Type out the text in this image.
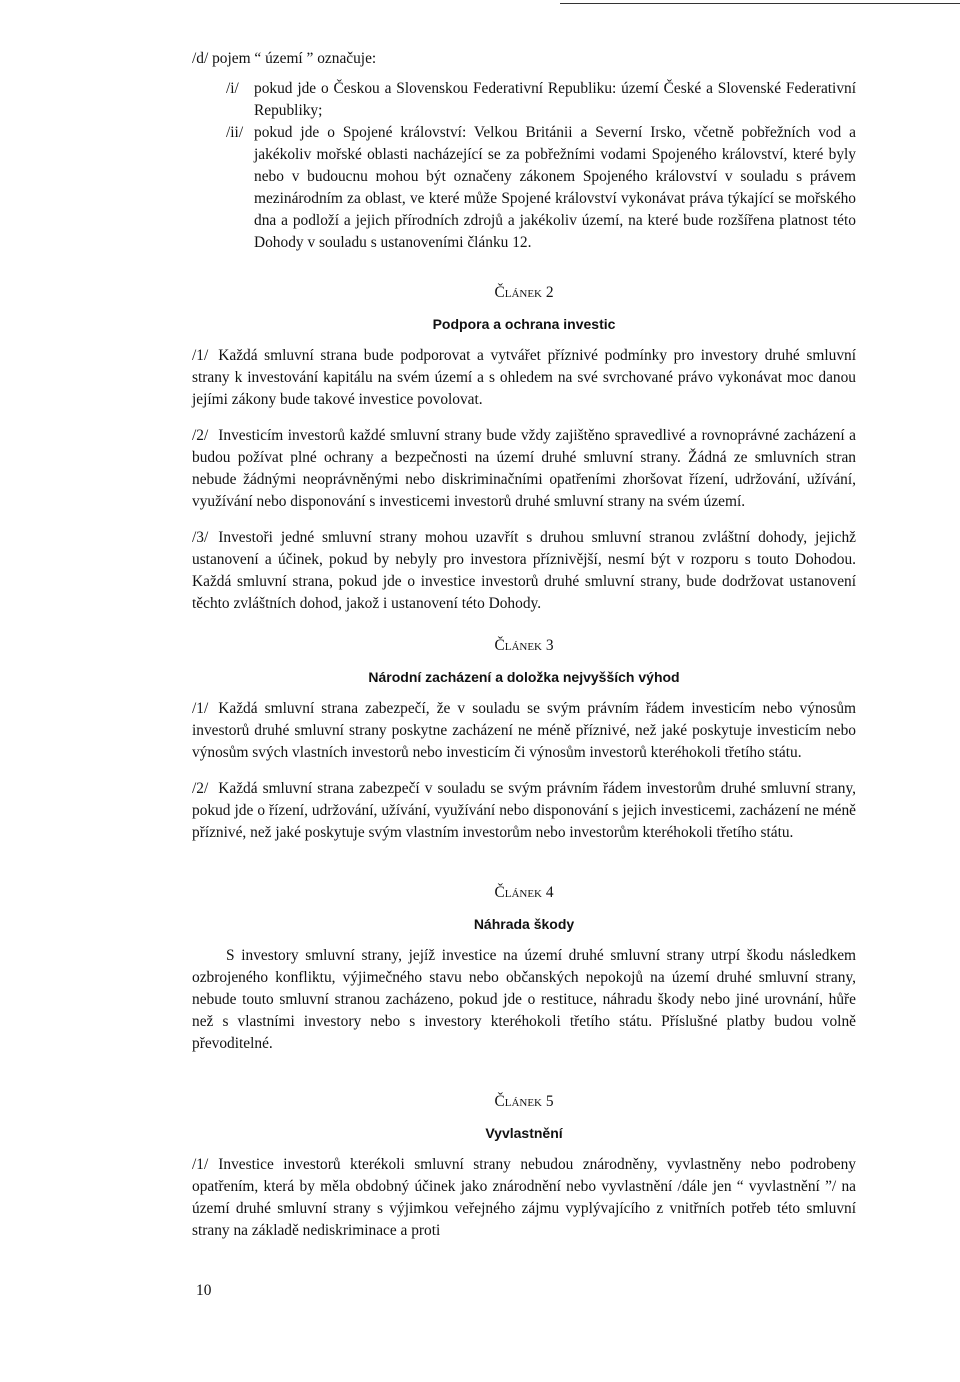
/d/ pojem “ území ” označuje:

/i/ pokud jde o Českou a Slovenskou Federativní Republiku: území České a Slovenské Federativní Republiky;

/ii/ pokud jde o Spojené království: Velkou Británii a Severní Irsko, včetně pobřežních vod a jakékoliv mořské oblasti nacházející se za pobřežními vodami Spojeného království, které byly nebo v budoucnu mohou být označeny zákonem Spojeného království v souladu s právem mezinárodním za oblast, ve které může Spojené království vykonávat práva týkající se mořského dna a podloží a jejich přírodních zdrojů a jakékoliv území, na které bude rozšířena platnost této Dohody v souladu s ustanoveními článku 12.

Článek 2

Podpora a ochrana investic

/1/ Každá smluvní strana bude podporovat a vytvářet příznivé podmínky pro investory druhé smluvní strany k investování kapitálu na svém území a s ohledem na své svrchované právo vykonávat moc danou jejími zákony bude takové investice povolovat.

/2/ Investicím investorů každé smluvní strany bude vždy zajištěno spravedlivé a rovnoprávné zacházení a budou požívat plné ochrany a bezpečnosti na území druhé smluvní strany. Žádná ze smluvních stran nebude žádnými neoprávněnými nebo diskriminačními opatřeními zhoršovat řízení, udržování, užívání, využívání nebo disponování s investicemi investorů druhé smluvní strany na svém území.

/3/ Investoři jedné smluvní strany mohou uzavřít s druhou smluvní stranou zvláštní dohody, jejichž ustanovení a účinek, pokud by nebyly pro investora příznivější, nesmí být v rozporu s touto Dohodou. Každá smluvní strana, pokud jde o investice investorů druhé smluvní strany, bude dodržovat ustanovení těchto zvláštních dohod, jakož i ustanovení této Dohody.

Článek 3

Národní zacházení a doložka nejvyšších výhod

/1/ Každá smluvní strana zabezpečí, že v souladu se svým právním řádem investicím nebo výnosům investorů druhé smluvní strany poskytne zacházení ne méně příznivé, než jaké poskytuje investicím nebo výnosům svých vlastních investorů nebo investicím či výnosům investorů kteréhokoli třetího státu.

/2/ Každá smluvní strana zabezpečí v souladu se svým právním řádem investorům druhé smluvní strany, pokud jde o řízení, udržování, užívání, využívání nebo disponování s jejich investicemi, zacházení ne méně příznivé, než jaké poskytuje svým vlastním investorům nebo investorům kteréhokoli třetího státu.

Článek 4

Náhrada škody

S investory smluvní strany, jejíž investice na území druhé smluvní strany utrpí škodu následkem ozbrojeného konfliktu, výjimečného stavu nebo občanských nepokojů na území druhé smluvní strany, nebude touto smluvní stranou zacházeno, pokud jde o restituce, náhradu škody nebo jiné urovnání, hůře než s vlastními investory nebo s investory kteréhokoli třetího státu. Příslušné platby budou volně převoditelné.

Článek 5

Vyvlastnění

/1/ Investice investorů kterékoli smluvní strany nebudou znárodněny, vyvlastněny nebo podrobeny opatřením, která by měla obdobný účinek jako znárodnění nebo vyvlastnění /dále jen “ vyvlastnění ”/ na území druhé smluvní strany s výjimkou veřejného zájmu vyplývajícího z vnitřních potřeb této smluvní strany na základě nediskriminace a proti

10
